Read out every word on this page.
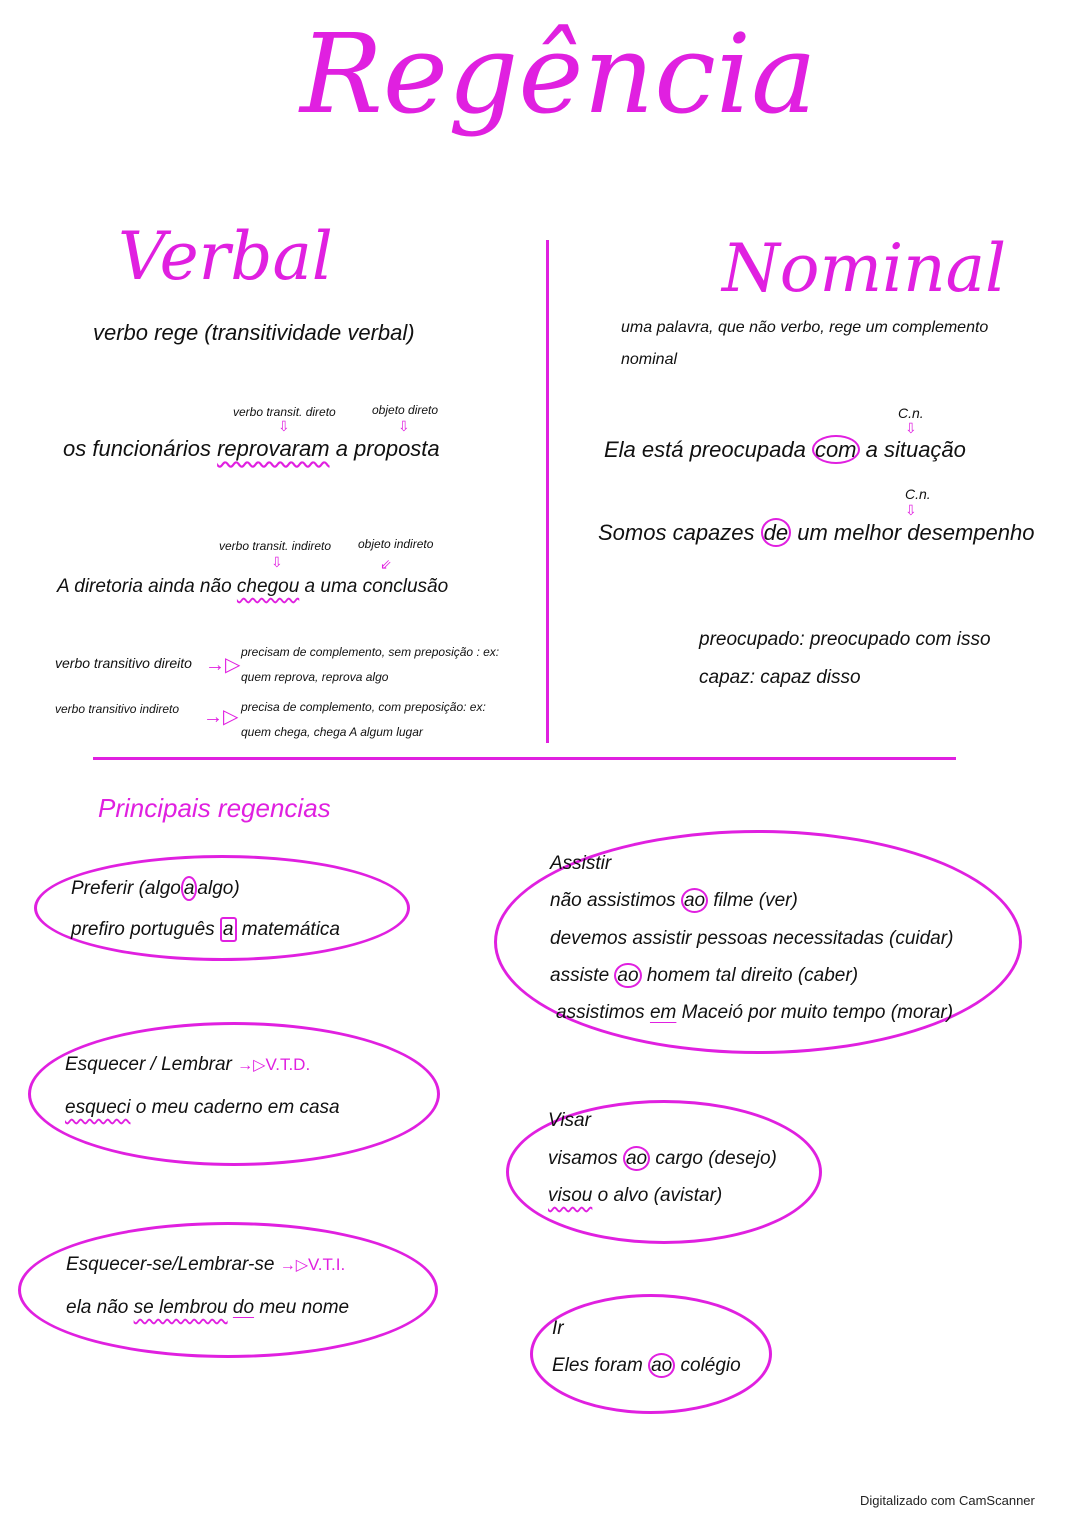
Regência
Verbal
verbo rege (transitividade verbal)
verbo transit. direto
⇩
objeto direto
⇩
os funcionários reprovaram a proposta
verbo transit. indireto
⇩
objeto indireto
⇙
A diretoria ainda não chegou a uma conclusão
verbo transitivo direito →▷
precisam de complemento, sem preposição : ex:
quem reprova, reprova algo
verbo transitivo indireto →▷ precisa de complemento, com preposição: ex:
quem chega, chega A algum lugar
Nominal
uma palavra, que não verbo, rege um complemento
nominal
C.n.
⇩
Ela está preocupada com a situação
C.n.
⇩
Somos capazes de um melhor desempenho
preocupado: preocupado com isso
capaz: capaz disso
Principais regencias
Preferir (algo a algo)
prefiro português a matemática
Esquecer / Lembrar →▷V.T.D.
esqueci o meu caderno em casa
Esquecer-se/Lembrar-se →▷V.T.I.
ela não se lembrou do meu nome
Assistir
não assistimos ao filme (ver)
devemos assistir pessoas necessitadas (cuidar)
assiste ao homem tal direito (caber)
assistimos em Maceió por muito tempo (morar)
Visar
visamos ao cargo (desejo)
visou o alvo (avistar)
Ir
Eles foram ao colégio
Digitalizado com CamScanner
